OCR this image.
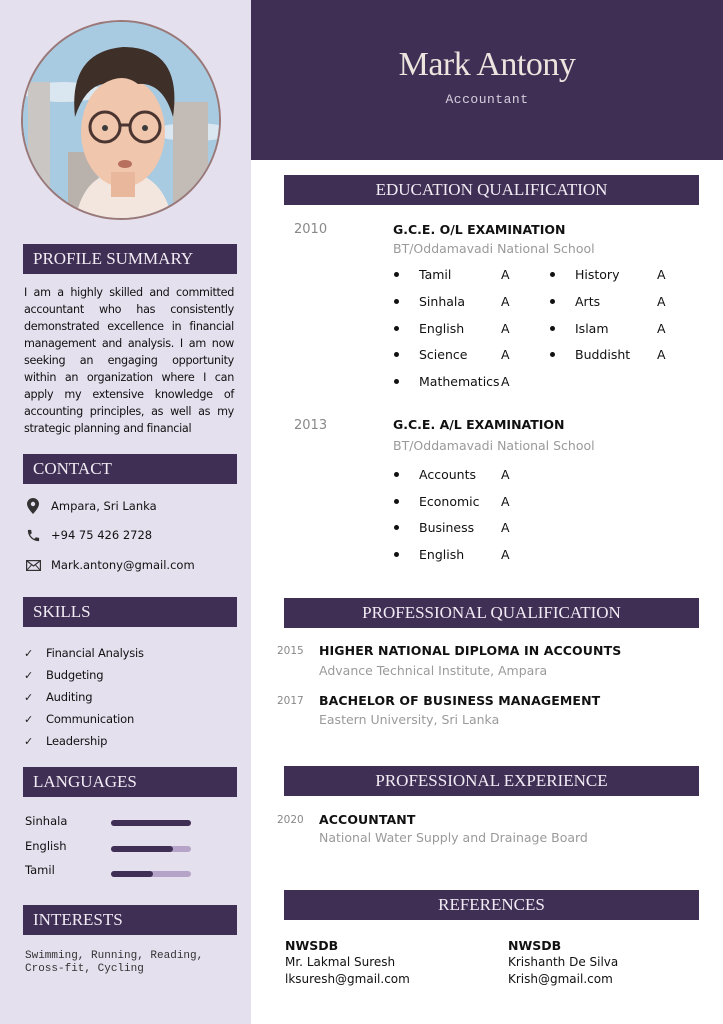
PROFILE SUMMARY
I am a highly skilled and committed accountant who has consistently demonstrated excellence in financial management and analysis. I am now seeking an engaging opportunity within an organization where I can apply my extensive knowledge of accounting principles, as well as my strategic planning and financial
CONTACT
Ampara, Sri Lanka
+94 75 426 2728
Mark.antony@gmail.com
SKILLS
✓	Financial Analysis
✓	Budgeting
✓	Auditing
✓	Communication
✓	Leadership
LANGUAGES
Sinhala
English
Tamil
INTERESTS
Swimming, Running, Reading,
Cross-fit, Cycling
Mark Antony
Accountant
EDUCATION QUALIFICATION
2010	G.C.E. O/L EXAMINATION
BT/Oddamavadi National School
Tamil	A
Sinhala	A
English	A
Science	A
Mathematics A
History	A
Arts	A
Islam	A
Buddisht A
2013	G.C.E. A/L EXAMINATION
BT/Oddamavadi National School
Accounts A
Economic A
Business A
English	A
PROFESSIONAL QUALIFICATION
2015 HIGHER NATIONAL DIPLOMA IN ACCOUNTS
Advance Technical Institute, Ampara
2017 BACHELOR OF BUSINESS MANAGEMENT
Eastern University, Sri Lanka
PROFESSIONAL EXPERIENCE
2020 ACCOUNTANT
National Water Supply and Drainage Board
REFERENCES
NWSDB
Mr. Lakmal Suresh
lksuresh@gmail.com
NWSDB
Krishanth De Silva
Krish@gmail.com
